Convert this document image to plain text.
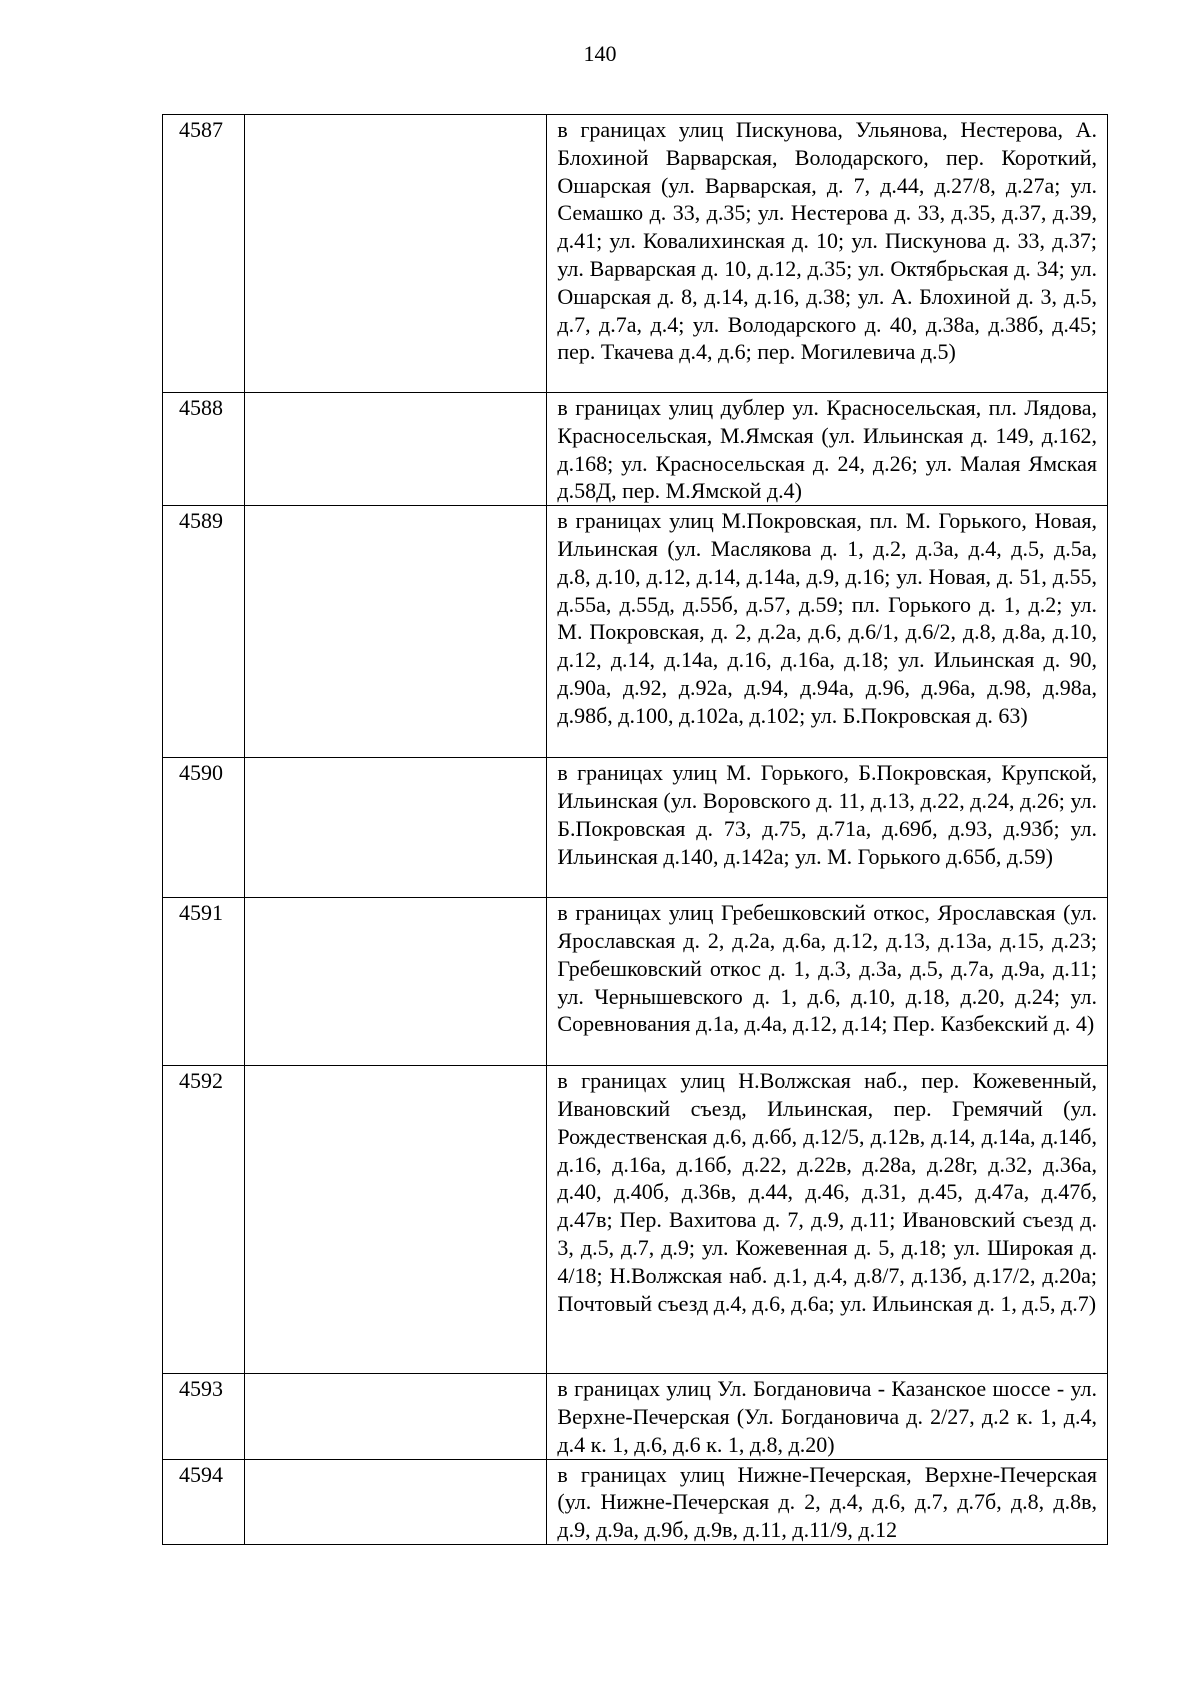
140
4587		в границах улиц Пискунова, Ульянова, Нестерова, А. Блохиной Варварская, Володарского, пер. Короткий, Ошарская (ул. Варварская, д. 7, д.44, д.27/8, д.27а; ул. Семашко д. 33, д.35; ул. Нестерова д. 33, д.35, д.37, д.39, д.41; ул. Ковалихинская д. 10; ул. Пискунова д. 33, д.37; ул. Варварская д. 10, д.12, д.35; ул. Октябрьская д. 34; ул. Ошарская д. 8, д.14, д.16, д.38; ул. А. Блохиной д. 3, д.5, д.7, д.7а, д.4; ул. Володарского д. 40, д.38а, д.38б, д.45; пер. Ткачева д.4, д.6; пер. Могилевича д.5)
4588		в границах улиц дублер ул. Красносельская, пл. Лядова, Красносельская, М.Ямская (ул. Ильинская д. 149, д.162, д.168; ул. Красносельская д. 24, д.26; ул. Малая Ямская д.58Д, пер. М.Ямской д.4)
4589		в границах улиц М.Покровская, пл. М. Горького, Новая, Ильинская (ул. Маслякова д. 1, д.2, д.3а, д.4, д.5, д.5а, д.8, д.10, д.12, д.14, д.14а, д.9, д.16; ул. Новая, д. 51, д.55, д.55а, д.55д, д.55б, д.57, д.59; пл. Горького д. 1, д.2; ул. М. Покровская, д. 2, д.2а, д.6, д.6/1, д.6/2, д.8, д.8а, д.10, д.12, д.14, д.14а, д.16, д.16а, д.18; ул. Ильинская д. 90, д.90а, д.92, д.92а, д.94, д.94а, д.96, д.96а, д.98, д.98а, д.98б, д.100, д.102а, д.102; ул. Б.Покровская д. 63)
4590		в границах улиц М. Горького, Б.Покровская, Крупской, Ильинская (ул. Воровского д. 11, д.13, д.22, д.24, д.26; ул. Б.Покровская д. 73, д.75, д.71а, д.69б, д.93, д.93б; ул. Ильинская д.140, д.142а; ул. М. Горького д.65б, д.59)
4591		в границах улиц Гребешковский откос, Ярославская (ул. Ярославская д. 2, д.2а, д.6а, д.12, д.13, д.13а, д.15, д.23; Гребешковский откос д. 1, д.3, д.3а, д.5, д.7а, д.9а, д.11; ул. Чернышевского д. 1, д.6, д.10, д.18, д.20, д.24; ул. Соревнования д.1а, д.4а, д.12, д.14; Пер. Казбекский д. 4)
4592		в границах улиц Н.Волжская наб., пер. Кожевенный, Ивановский съезд, Ильинская, пер. Гремячий (ул. Рождественская д.6, д.6б, д.12/5, д.12в, д.14, д.14а, д.14б, д.16, д.16а, д.16б, д.22, д.22в, д.28а, д.28г, д.32, д.36а, д.40, д.40б, д.36в, д.44, д.46, д.31, д.45, д.47а, д.47б, д.47в; Пер. Вахитова д. 7, д.9, д.11; Ивановский съезд д. 3, д.5, д.7, д.9; ул. Кожевенная д. 5, д.18; ул. Широкая д. 4/18; Н.Волжская наб. д.1, д.4, д.8/7, д.13б, д.17/2, д.20а; Почтовый съезд д.4, д.6, д.6а; ул. Ильинская д. 1, д.5, д.7)
4593		в границах улиц Ул. Богдановича - Казанское шоссе - ул. Верхне-Печерская (Ул. Богдановича д. 2/27, д.2 к. 1, д.4, д.4 к. 1, д.6, д.6 к. 1, д.8, д.20)
4594		в границах улиц Нижне-Печерская, Верхне-Печерская (ул. Нижне-Печерская д. 2, д.4, д.6, д.7, д.7б, д.8, д.8в, д.9, д.9а, д.9б, д.9в, д.11, д.11/9, д.12
